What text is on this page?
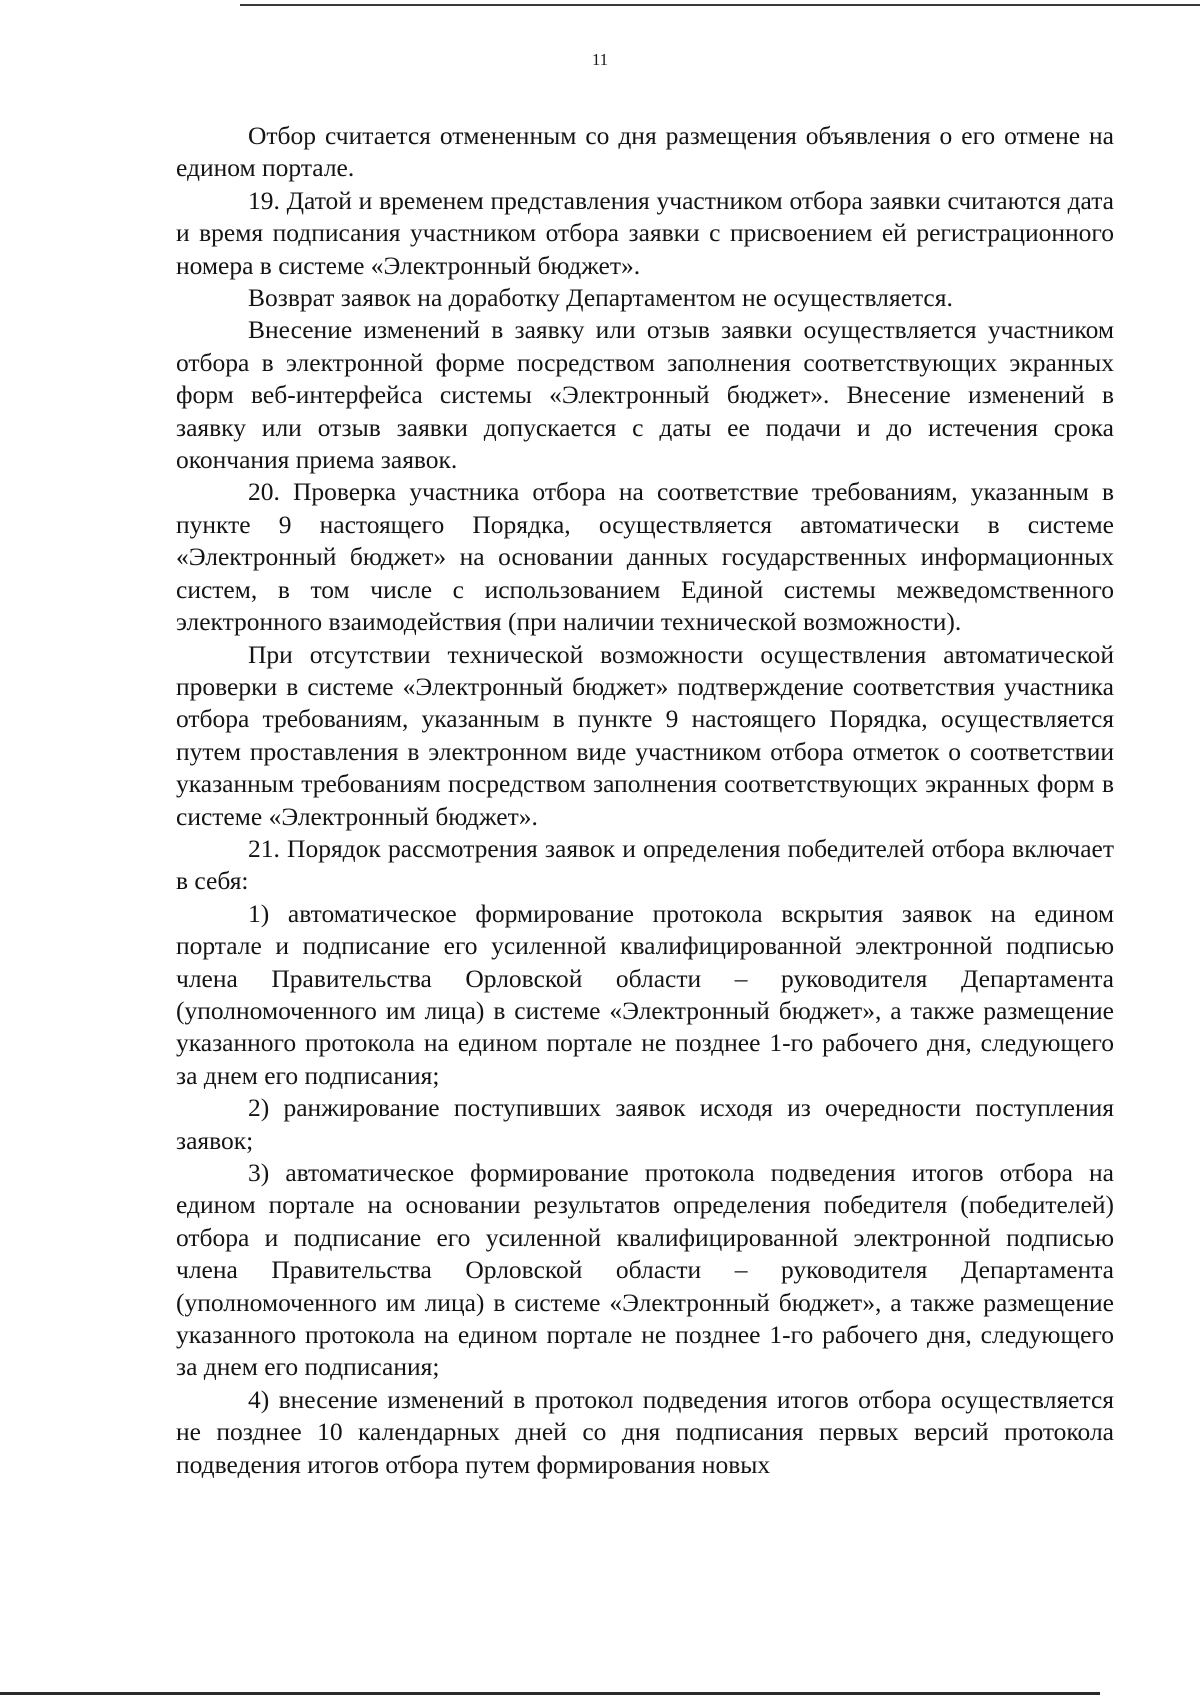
11

Отбор считается отмененным со дня размещения объявления о его отмене на едином портале.

19. Датой и временем представления участником отбора заявки считаются дата и время подписания участником отбора заявки с присвоением ей регистрационного номера в системе «Электронный бюджет».

Возврат заявок на доработку Департаментом не осуществляется.

Внесение изменений в заявку или отзыв заявки осуществляется участником отбора в электронной форме посредством заполнения соответствующих экранных форм веб-интерфейса системы «Электронный бюджет». Внесение изменений в заявку или отзыв заявки допускается с даты ее подачи и до истечения срока окончания приема заявок.

20. Проверка участника отбора на соответствие требованиям, указанным в пункте 9 настоящего Порядка, осуществляется автоматически в системе «Электронный бюджет» на основании данных государственных информационных систем, в том числе с использованием Единой системы межведомственного электронного взаимодействия (при наличии технической возможности).

При отсутствии технической возможности осуществления автоматической проверки в системе «Электронный бюджет» подтверждение соответствия участника отбора требованиям, указанным в пункте 9 настоящего Порядка, осуществляется путем проставления в электронном виде участником отбора отметок о соответствии указанным требованиям посредством заполнения соответствующих экранных форм в системе «Электронный бюджет».

21. Порядок рассмотрения заявок и определения победителей отбора включает в себя:

1) автоматическое формирование протокола вскрытия заявок на едином портале и подписание его усиленной квалифицированной электронной подписью члена Правительства Орловской области – руководителя Департамента (уполномоченного им лица) в системе «Электронный бюджет», а также размещение указанного протокола на едином портале не позднее 1-го рабочего дня, следующего за днем его подписания;

2) ранжирование поступивших заявок исходя из очередности поступления заявок;

3) автоматическое формирование протокола подведения итогов отбора на едином портале на основании результатов определения победителя (победителей) отбора и подписание его усиленной квалифицированной электронной подписью члена Правительства Орловской области – руководителя Департамента (уполномоченного им лица) в системе «Электронный бюджет», а также размещение указанного протокола на едином портале не позднее 1-го рабочего дня, следующего за днем его подписания;

4) внесение изменений в протокол подведения итогов отбора осуществляется не позднее 10 календарных дней со дня подписания первых версий протокола подведения итогов отбора путем формирования новых
